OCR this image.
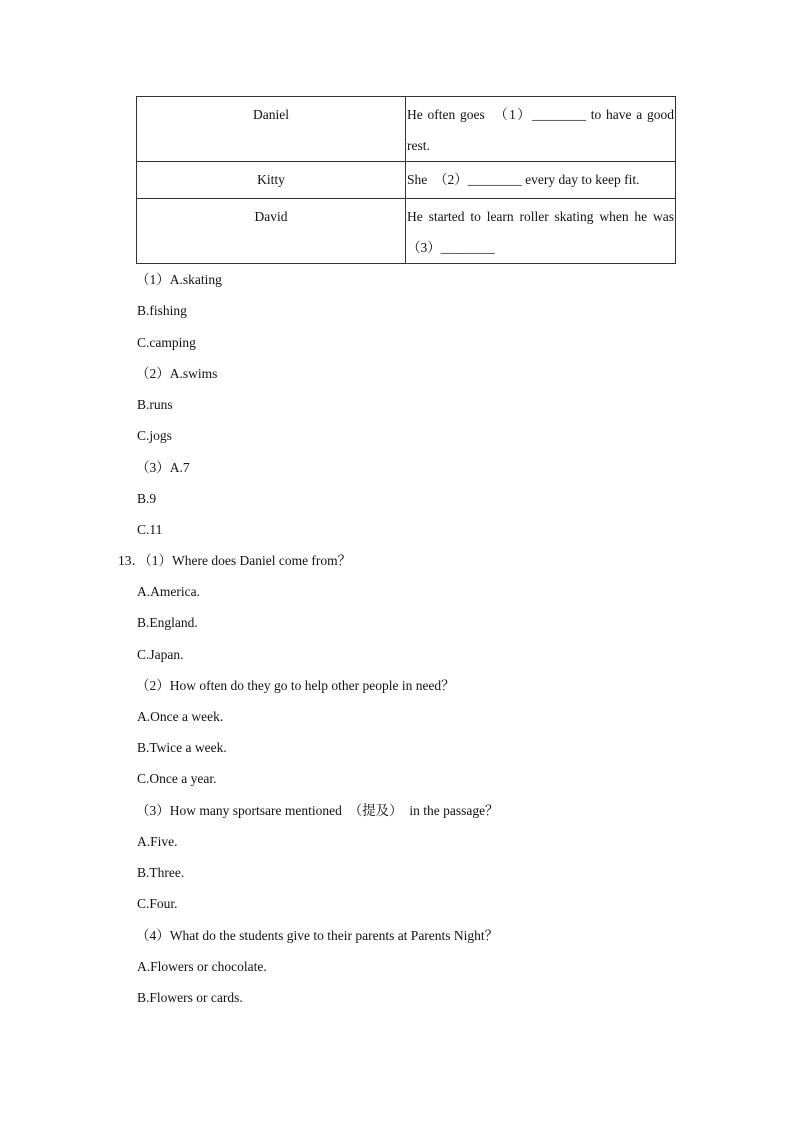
Daniel	He often goes  （1）________ to have a good rest.
Kitty	She  （2）________ every day to keep fit.
David	He started to learn roller skating when he was （3）________
（1）A.skating
B.fishing
C.camping
（2）A.swims
B.runs
C.jogs
（3）A.7
B.9
C.11
13．（1）Where does Daniel come from？
A.America.
B.England.
C.Japan.
（2）How often do they go to help other people in need？
A.Once a week.
B.Twice a week.
C.Once a year.
（3）How many sportsare mentioned  （提及）  in the passage？
A.Five.
B.Three.
C.Four.
（4）What do the students give to their parents at Parents Night？
A.Flowers or chocolate.
B.Flowers or cards.
